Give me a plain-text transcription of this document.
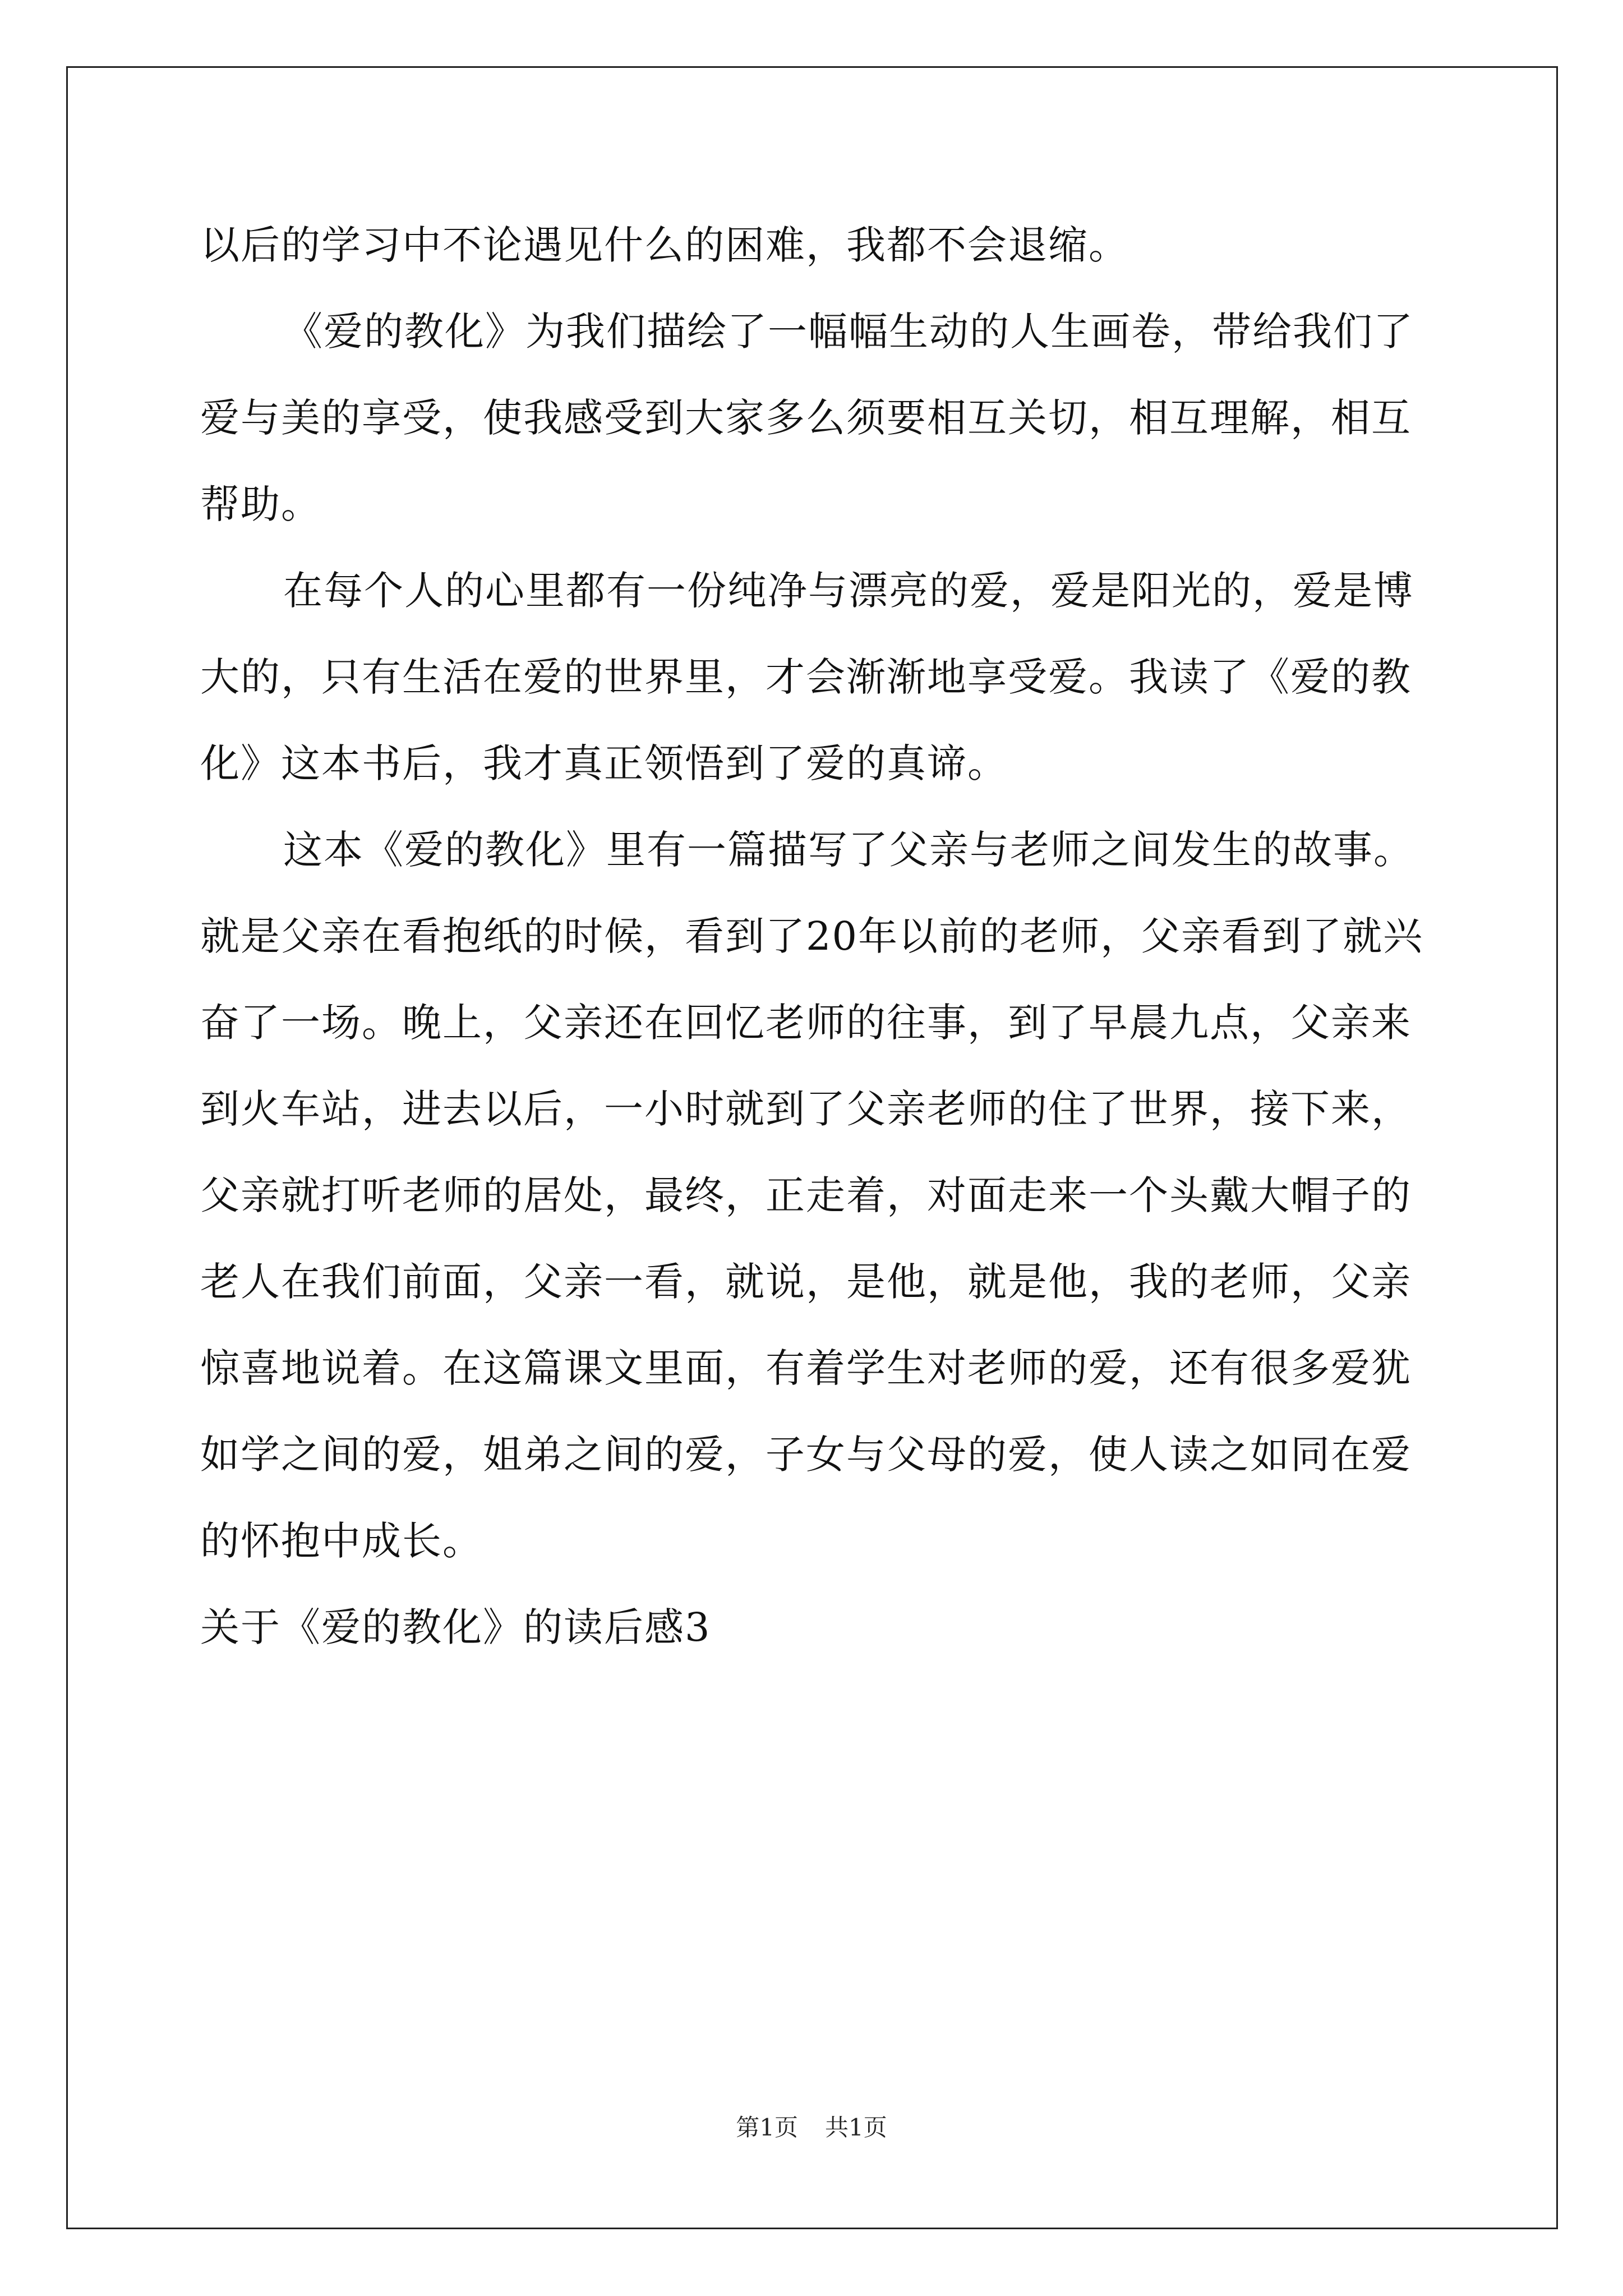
以后的学习中不论遇见什么的困难，我都不会退缩。
《爱的教化》为我们描绘了一幅幅生动的人生画卷，带给我们了
爱与美的享受，使我感受到大家多么须要相互关切，相互理解，相互
帮助。
在每个人的心里都有一份纯净与漂亮的爱，爱是阳光的，爱是博
大的，只有生活在爱的世界里，才会渐渐地享受爱。我读了《爱的教
化》这本书后，我才真正领悟到了爱的真谛。
这本《爱的教化》里有一篇描写了父亲与老师之间发生的故事。
就是父亲在看抱纸的时候，看到了20年以前的老师，父亲看到了就兴
奋了一场。晚上，父亲还在回忆老师的往事，到了早晨九点，父亲来
到火车站，进去以后，一小时就到了父亲老师的住了世界，接下来，
父亲就打听老师的居处，最终，正走着，对面走来一个头戴大帽子的
老人在我们前面，父亲一看，就说，是他，就是他，我的老师，父亲
惊喜地说着。在这篇课文里面，有着学生对老师的爱，还有很多爱犹
如学之间的爱，姐弟之间的爱，子女与父母的爱，使人读之如同在爱
的怀抱中成长。
关于《爱的教化》的读后感3
第1页 共1页
